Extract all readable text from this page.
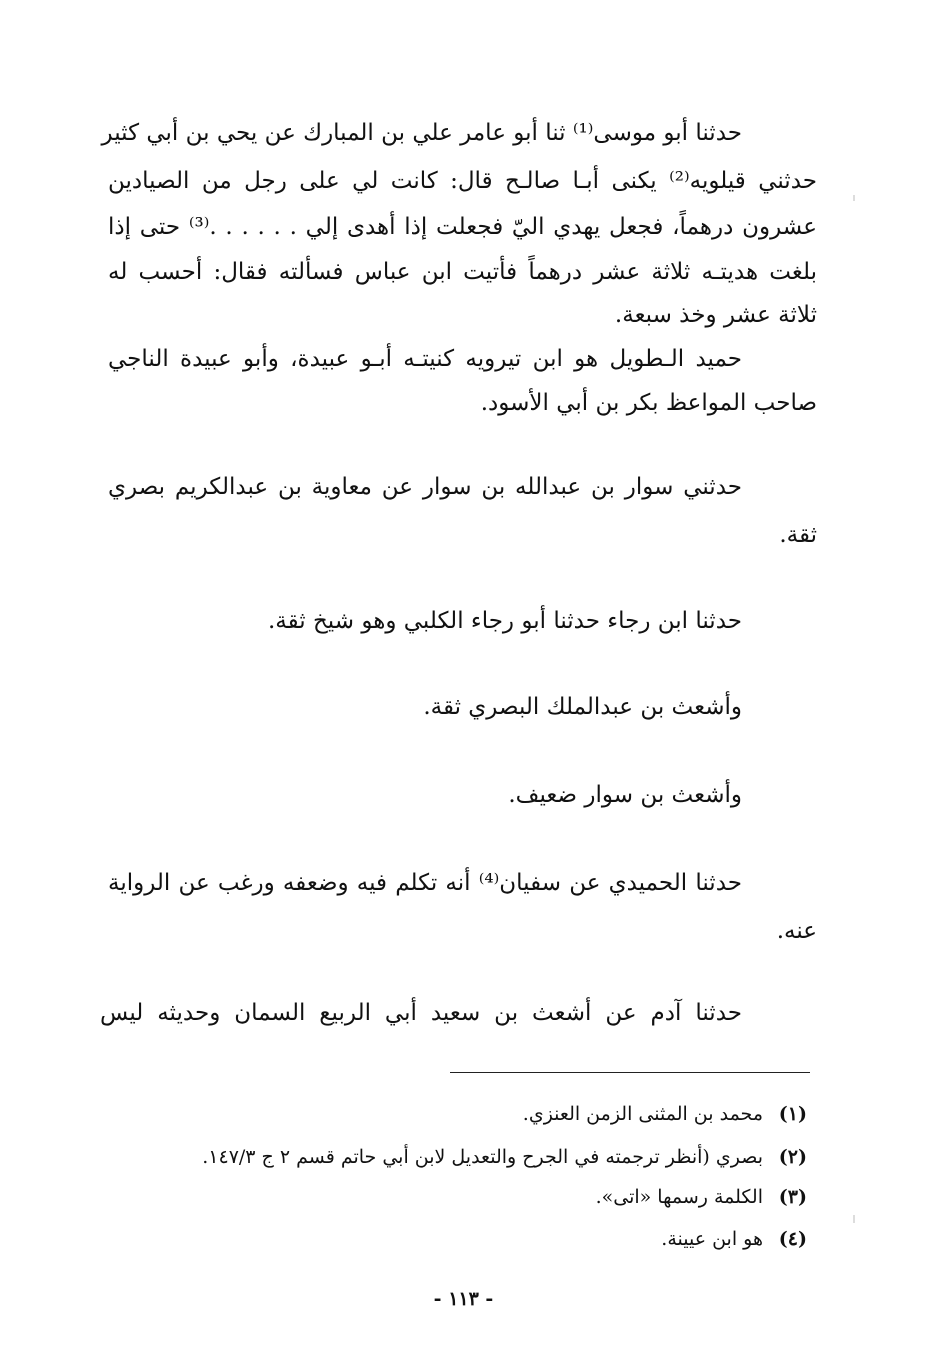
حدثنا أبو موسى⁽¹⁾ ثنا أبو عامر علي بن المبارك عن يحي بن أبي كثير
حدثني قيلويه⁽²⁾ يكنى أبـا صالـح قال: كانت لي على رجل من الصيادين
عشرون درهماً، فجعل يهدي اليّ فجعلت إذا أهدى إلي . . . . . .⁽³⁾ حتى إذا
بلغت هديتـه ثلاثة عشر درهماً فأتيت ابن عباس فسألته فقال: أحسب له
ثلاثة عشر وخذ سبعة.
حميد الـطويل هو ابن تيرويه كنيتـه أبـو عبيدة، وأبو عبيدة الناجي
صاحب المواعظ بكر بن أبي الأسود.
حدثني سوار بن عبدالله بن سوار عن معاوية بن عبدالكريم بصري
ثقة.
حدثنا ابن رجاء حدثنا أبو رجاء الكلبي وهو شيخ ثقة.
وأشعث بن عبدالملك البصري ثقة.
وأشعث بن سوار ضعيف.
حدثنا الحميدي عن سفيان⁽⁴⁾ أنه تكلم فيه وضعفه ورغب عن الرواية
عنه.
حدثنا آدم عن أشعث بن سعيد أبي الربيع السمان وحديثه ليس
(١)محمد بن المثنى الزمن العنزي.
(٢)بصري (أنظر ترجمته في الجرح والتعديل لابن أبي حاتم قسم ٢ ج ١٤٧/٣.
(٣)الكلمة رسمها «اتى».
(٤)هو ابن عيينة.
- ١١٣ -
